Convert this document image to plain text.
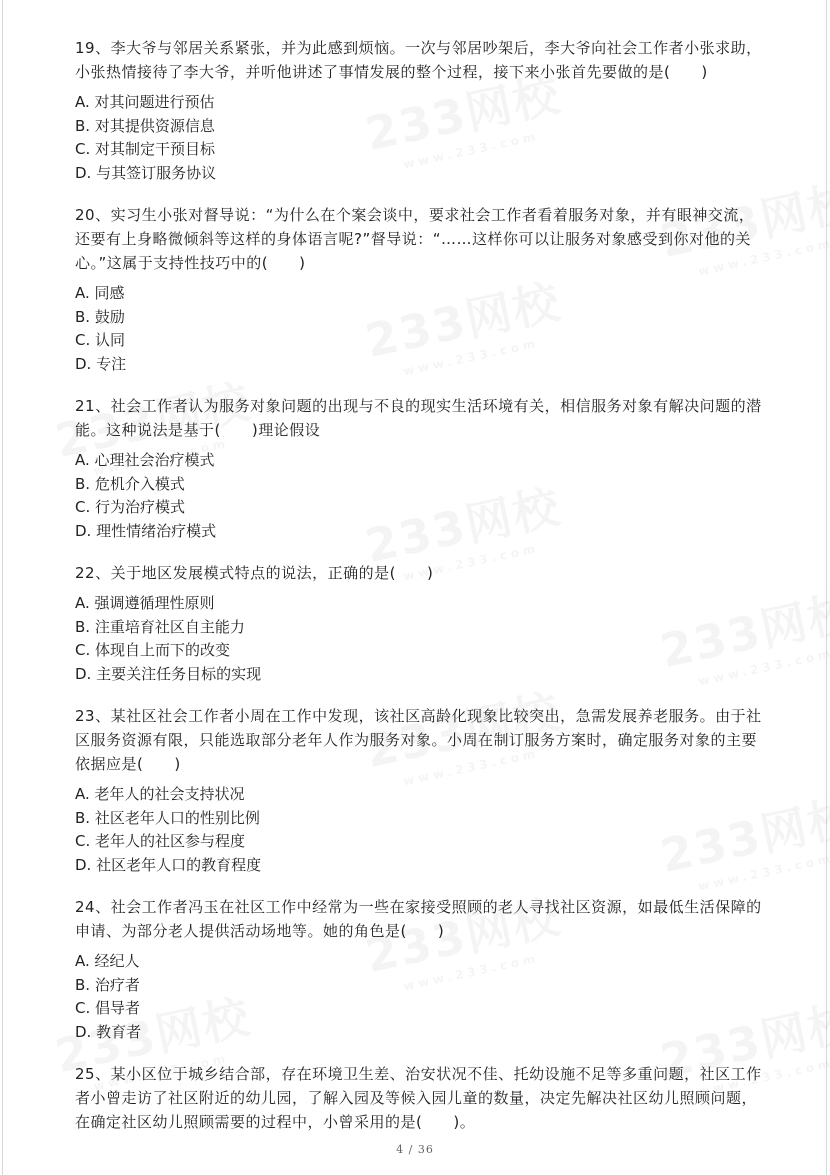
19、李大爷与邻居关系紧张，并为此感到烦恼。一次与邻居吵架后，李大爷向社会工作者小张求助，小张热情接待了李大爷，并听他讲述了事情发展的整个过程，接下来小张首先要做的是(　　)

A. 对其问题进行预估

B. 对其提供资源信息

C. 对其制定干预目标

D. 与其签订服务协议

20、实习生小张对督导说：“为什么在个案会谈中，要求社会工作者看着服务对象，并有眼神交流，还要有上身略微倾斜等这样的身体语言呢?”督导说：“……这样你可以让服务对象感受到你对他的关心。”这属于支持性技巧中的(　　)

A. 同感

B. 鼓励

C. 认同

D. 专注

21、社会工作者认为服务对象问题的出现与不良的现实生活环境有关，相信服务对象有解决问题的潜能。这种说法是基于(　　)理论假设

A. 心理社会治疗模式

B. 危机介入模式

C. 行为治疗模式

D. 理性情绪治疗模式

22、关于地区发展模式特点的说法，正确的是(　　)

A. 强调遵循理性原则

B. 注重培育社区自主能力

C. 体现自上而下的改变

D. 主要关注任务目标的实现

23、某社区社会工作者小周在工作中发现，该社区高龄化现象比较突出，急需发展养老服务。由于社区服务资源有限，只能选取部分老年人作为服务对象。小周在制订服务方案时，确定服务对象的主要依据应是(　　)

A. 老年人的社会支持状况

B. 社区老年人口的性别比例

C. 老年人的社区参与程度

D. 社区老年人口的教育程度

24、社会工作者冯玉在社区工作中经常为一些在家接受照顾的老人寻找社区资源，如最低生活保障的申请、为部分老人提供活动场地等。她的角色是(　　)

A. 经纪人

B. 治疗者

C. 倡导者

D. 教育者

25、某小区位于城乡结合部，存在环境卫生差、治安状况不佳、托幼设施不足等多重问题，社区工作者小曾走访了社区附近的幼儿园，了解入园及等候入园儿童的数量，决定先解决社区幼儿照顾问题，在确定社区幼儿照顾需要的过程中，小曾采用的是(　　)。

4 / 36
